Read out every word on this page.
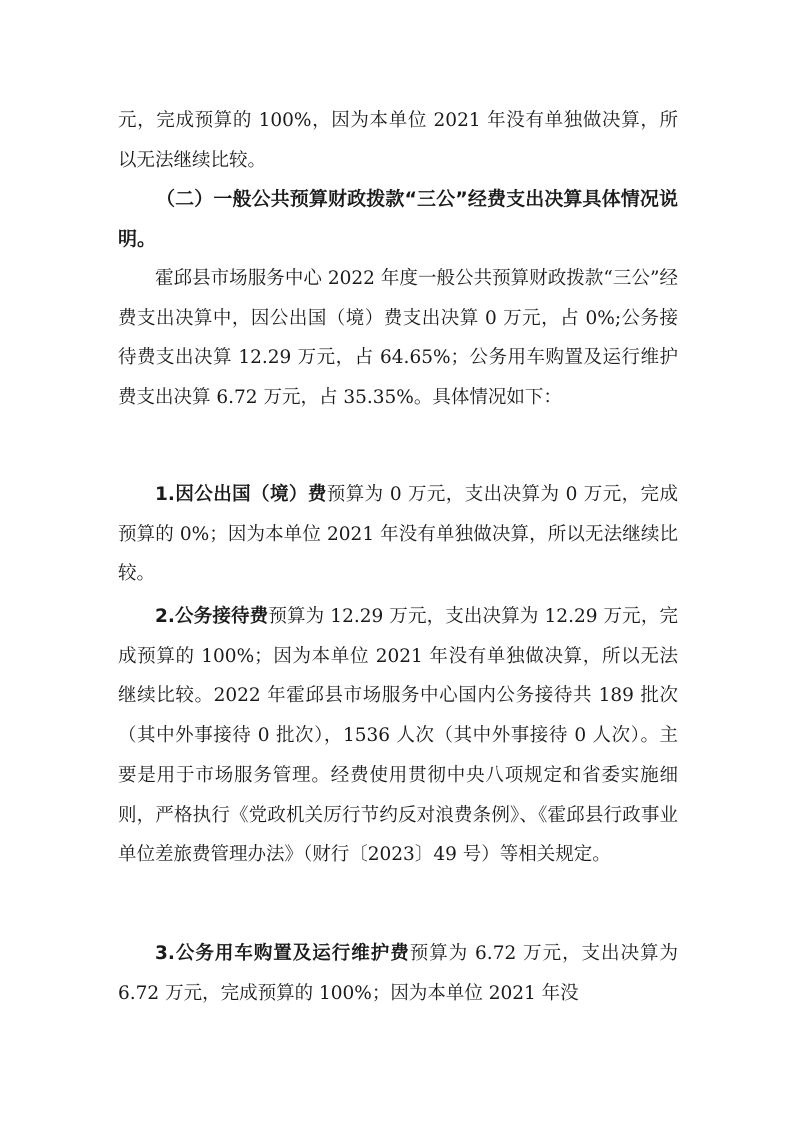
元，完成预算的 100%，因为本单位 2021 年没有单独做决算，所以无法继续比较。

（二）一般公共预算财政拨款“三公”经费支出决算具体情况说明。

霍邱县市场服务中心 2022 年度一般公共预算财政拨款“三公”经费支出决算中，因公出国（境）费支出决算 0 万元，占 0%;公务接待费支出决算 12.29 万元，占 64.65%；公务用车购置及运行维护费支出决算 6.72 万元，占 35.35%。具体情况如下：

1.因公出国（境）费预算为 0 万元，支出决算为 0 万元，完成预算的 0%；因为本单位 2021 年没有单独做决算，所以无法继续比较。

2.公务接待费预算为 12.29 万元，支出决算为 12.29 万元，完成预算的 100%；因为本单位 2021 年没有单独做决算，所以无法继续比较。2022 年霍邱县市场服务中心国内公务接待共 189 批次（其中外事接待 0 批次），1536 人次（其中外事接待 0 人次）。主要是用于市场服务管理。经费使用贯彻中央八项规定和省委实施细则，严格执行《党政机关厉行节约反对浪费条例》、《霍邱县行政事业单位差旅费管理办法》（财行〔2023〕49 号）等相关规定。

3.公务用车购置及运行维护费预算为 6.72 万元，支出决算为 6.72 万元，完成预算的 100%；因为本单位 2021 年没
